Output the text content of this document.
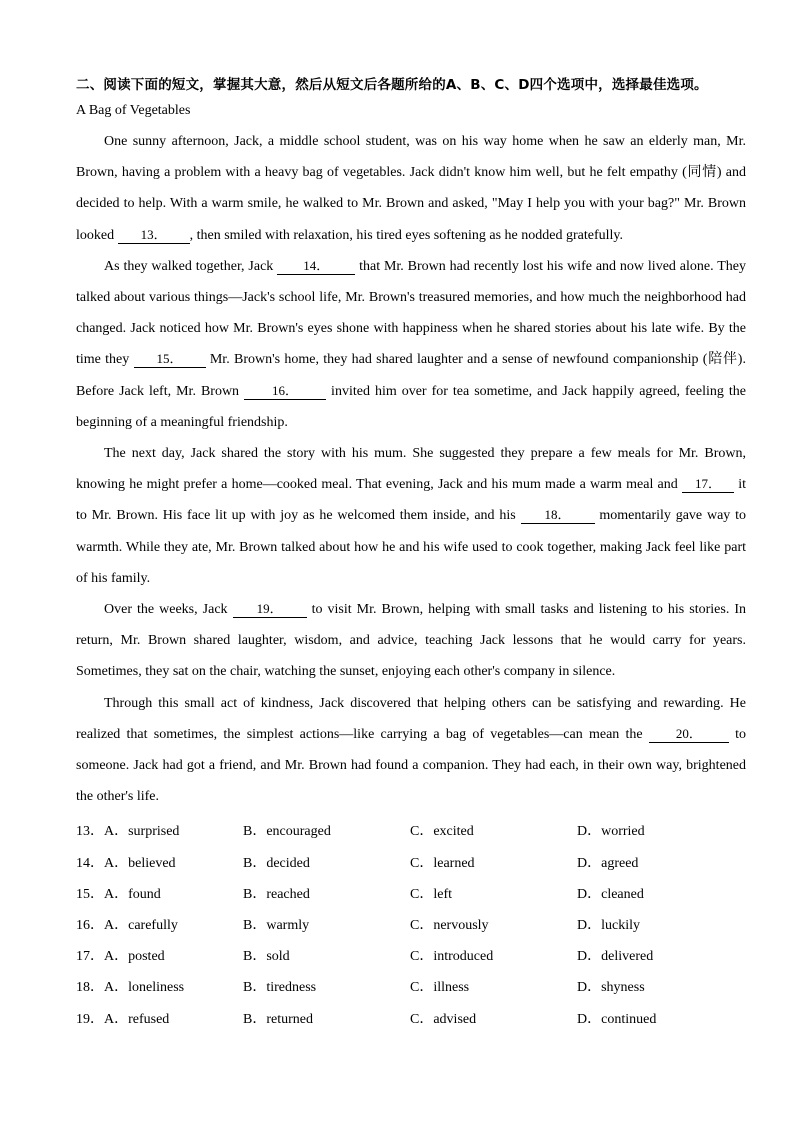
二、阅读下面的短文，掌握其大意，然后从短文后各题所给的A、B、C、D四个选项中，选择最佳选项。

A Bag of Vegetables

One sunny afternoon, Jack, a middle school student, was on his way home when he saw an elderly man, Mr. Brown, having a problem with a heavy bag of vegetables. Jack didn't know him well, but he felt empathy (同情) and decided to help. With a warm smile, he walked to Mr. Brown and asked, "May I help you with your bag?" Mr. Brown looked 13． , then smiled with relaxation, his tired eyes softening as he nodded gratefully.

As they walked together, Jack 14． that Mr. Brown had recently lost his wife and now lived alone. They talked about various things—Jack's school life, Mr. Brown's treasured memories, and how much the neighborhood had changed. Jack noticed how Mr. Brown's eyes shone with happiness when he shared stories about his late wife. By the time they 15． Mr. Brown's home, they had shared laughter and a sense of newfound companionship (陪伴). Before Jack left, Mr. Brown 16． invited him over for tea sometime, and Jack happily agreed, feeling the beginning of a meaningful friendship.

The next day, Jack shared the story with his mum. She suggested they prepare a few meals for Mr. Brown, knowing he might prefer a home—cooked meal. That evening, Jack and his mum made a warm meal and 17． it to Mr. Brown. His face lit up with joy as he welcomed them inside, and his 18． momentarily gave way to warmth. While they ate, Mr. Brown talked about how he and his wife used to cook together, making Jack feel like part of his family.

Over the weeks, Jack 19． to visit Mr. Brown, helping with small tasks and listening to his stories. In return, Mr. Brown shared laughter, wisdom, and advice, teaching Jack lessons that he would carry for years. Sometimes, they sat on the chair, watching the sunset, enjoying each other's company in silence.

Through this small act of kindness, Jack discovered that helping others can be satisfying and rewarding. He realized that sometimes, the simplest actions—like carrying a bag of vegetables—can mean the 20． to someone. Jack had got a friend, and Mr. Brown had found a companion. They had each, in their own way, brightened the other's life.

13．A．surprised	B．encouraged	C．excited	D．worried
14．A．believed	B．decided	C．learned	D．agreed
15．A．found	B．reached	C．left	D．cleaned
16．A．carefully	B．warmly	C．nervously	D．luckily
17．A．posted	B．sold	C．introduced	D．delivered
18．A．loneliness	B．tiredness	C．illness	D．shyness
19．A．refused	B．returned	C．advised	D．continued
